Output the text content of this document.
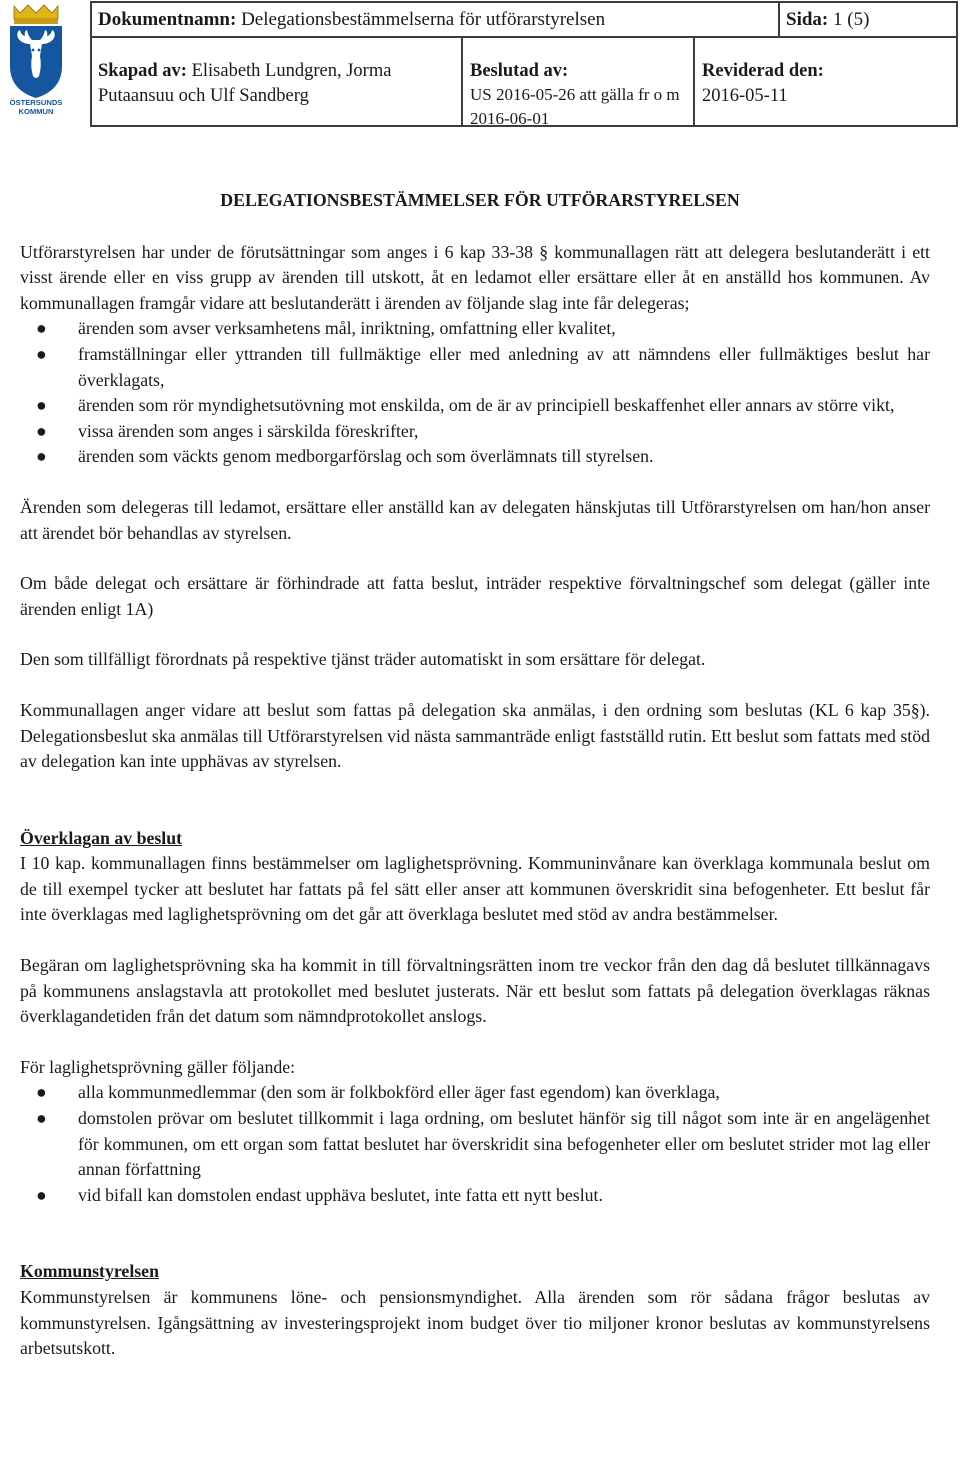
ÖSTERSUNDS
KOMMUN
Dokumentnamn: Delegationsbestämmelserna för utförarstyrelsen	Sida: 1 (5)
Skapad av: Elisabeth Lundgren, Jorma Putaansuu och Ulf Sandberg
Beslutad av:
US 2016-05-26 att gälla fr o m 2016-06-01
Reviderad den:
2016-05-11
DELEGATIONSBESTÄMMELSER FÖR UTFÖRARSTYRELSEN

Utförarstyrelsen har under de förutsättningar som anges i 6 kap 33-38 § kommunallagen rätt att delegera beslutanderätt i ett visst ärende eller en viss grupp av ärenden till utskott, åt en ledamot eller ersättare eller åt en anställd hos kommunen. Av kommunallagen framgår vidare att beslutanderätt i ärenden av följande slag inte får delegeras;

● ärenden som avser verksamhetens mål, inriktning, omfattning eller kvalitet,
● framställningar eller yttranden till fullmäktige eller med anledning av att nämndens eller fullmäktiges beslut har överklagats,
● ärenden som rör myndighetsutövning mot enskilda, om de är av principiell beskaffenhet eller annars av större vikt,
● vissa ärenden som anges i särskilda föreskrifter,
● ärenden som väckts genom medborgarförslag och som överlämnats till styrelsen.

Ärenden som delegeras till ledamot, ersättare eller anställd kan av delegaten hänskjutas till Utförarstyrelsen om han/hon anser att ärendet bör behandlas av styrelsen.

Om både delegat och ersättare är förhindrade att fatta beslut, inträder respektive förvaltningschef som delegat (gäller inte ärenden enligt 1A)

Den som tillfälligt förordnats på respektive tjänst träder automatiskt in som ersättare för delegat.

Kommunallagen anger vidare att beslut som fattas på delegation ska anmälas, i den ordning som beslutas (KL 6 kap 35§). Delegationsbeslut ska anmälas till Utförarstyrelsen vid nästa sammanträde enligt fastställd rutin. Ett beslut som fattats med stöd av delegation kan inte upphävas av styrelsen.

Överklagan av beslut

I 10 kap. kommunallagen finns bestämmelser om laglighetsprövning. Kommuninvånare kan överklaga kommunala beslut om de till exempel tycker att beslutet har fattats på fel sätt eller anser att kommunen överskridit sina befogenheter. Ett beslut får inte överklagas med laglighetsprövning om det går att överklaga beslutet med stöd av andra bestämmelser.

Begäran om laglighetsprövning ska ha kommit in till förvaltningsrätten inom tre veckor från den dag då beslutet tillkännagavs på kommunens anslagstavla att protokollet med beslutet justerats. När ett beslut som fattats på delegation överklagas räknas överklagandetiden från det datum som nämndprotokollet anslogs.

För laglighetsprövning gäller följande:

● alla kommunmedlemmar (den som är folkbokförd eller äger fast egendom) kan överklaga,
● domstolen prövar om beslutet tillkommit i laga ordning, om beslutet hänför sig till något som inte är en angelägenhet för kommunen, om ett organ som fattat beslutet har överskridit sina befogenheter eller om beslutet strider mot lag eller annan författning
● vid bifall kan domstolen endast upphäva beslutet, inte fatta ett nytt beslut.
Kommunstyrelsen

Kommunstyrelsen är kommunens löne- och pensionsmyndighet. Alla ärenden som rör sådana frågor beslutas av kommunstyrelsen. Igångsättning av investeringsprojekt inom budget över tio miljoner kronor beslutas av kommunstyrelsens arbetsutskott.
